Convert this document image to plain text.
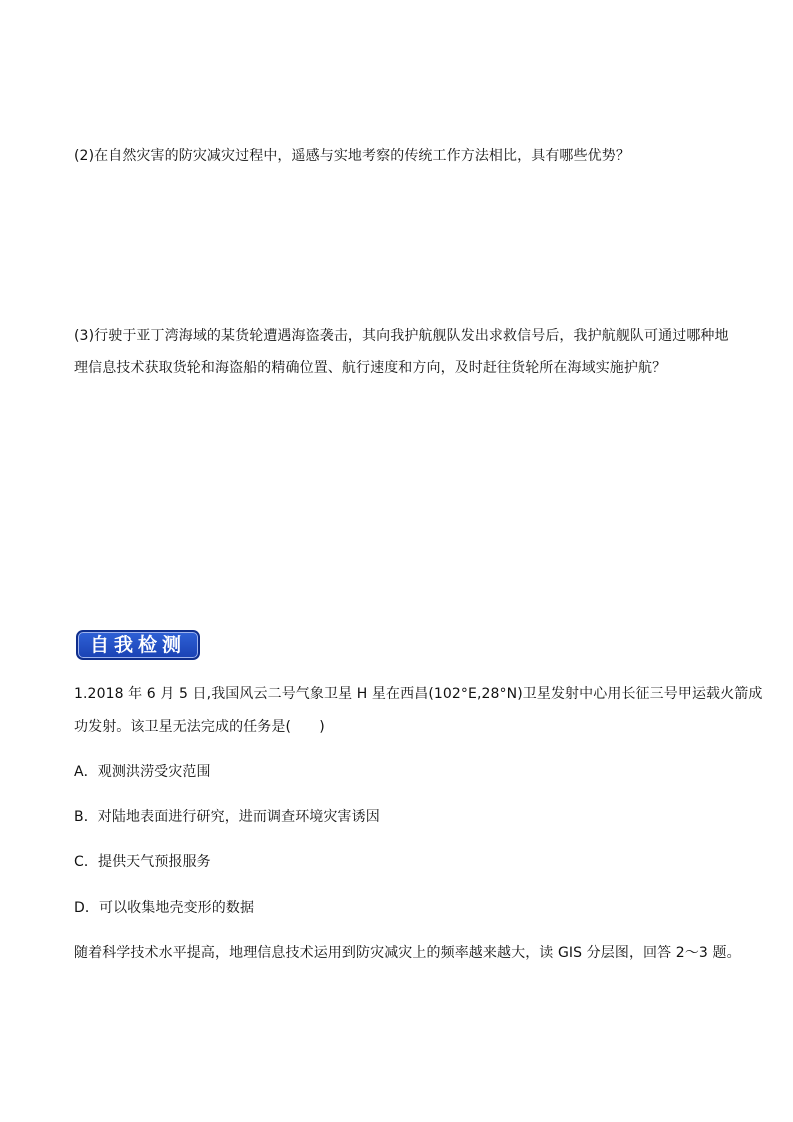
(2)在自然灾害的防灾减灾过程中，遥感与实地考察的传统工作方法相比，具有哪些优势？
(3)行驶于亚丁湾海域的某货轮遭遇海盗袭击，其向我护航舰队发出求救信号后，我护航舰队可通过哪种地
理信息技术获取货轮和海盗船的精确位置、航行速度和方向，及时赶往货轮所在海域实施护航？
自我检测
1.2018 年 6 月 5 日,我国风云二号气象卫星 H 星在西昌(102°E,28°N)卫星发射中心用长征三号甲运载火箭成
功发射。该卫星无法完成的任务是(　　)
A．观测洪涝受灾范围
B．对陆地表面进行研究，进而调查环境灾害诱因
C．提供天气预报服务
D．可以收集地壳变形的数据
随着科学技术水平提高，地理信息技术运用到防灾减灾上的频率越来越大，读 GIS 分层图，回答 2～3 题。
